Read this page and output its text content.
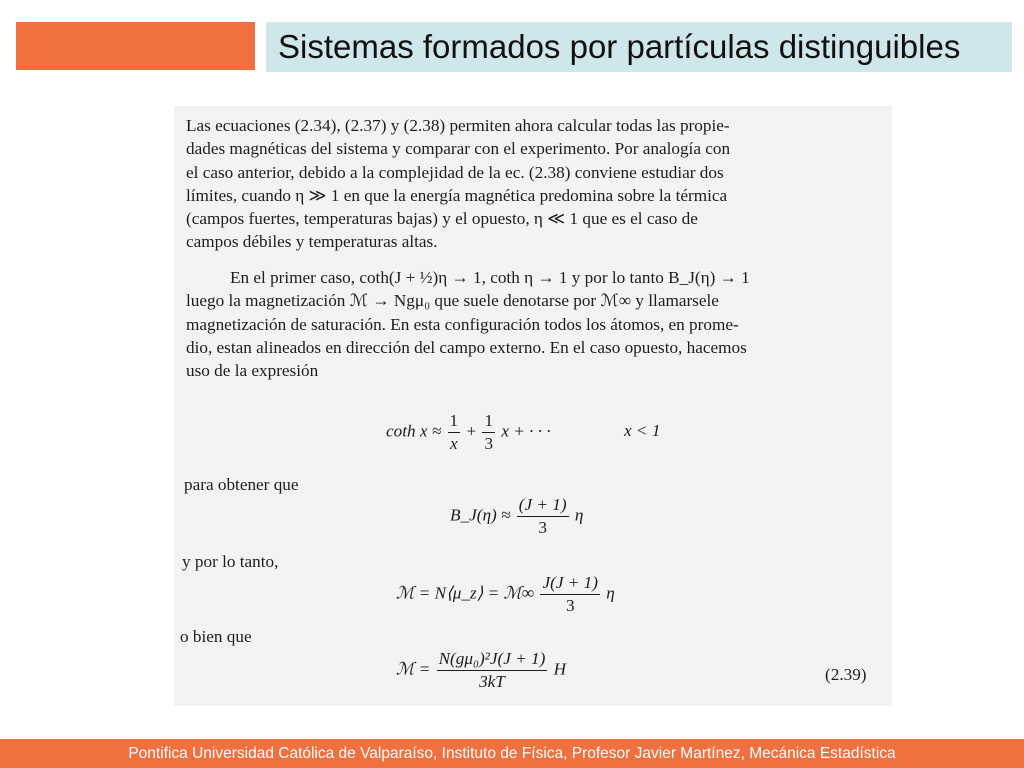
Sistemas formados por partículas distinguibles
Las ecuaciones (2.34), (2.37) y (2.38) permiten ahora calcular todas las propie-
dades magnéticas del sistema y comparar con el experimento. Por analogía con
el caso anterior, debido a la complejidad de la ec. (2.38) conviene estudiar dos
límites, cuando η ≫ 1 en que la energía magnética predomina sobre la térmica
(campos fuertes, temperaturas bajas) y el opuesto, η ≪ 1 que es el caso de
campos débiles y temperaturas altas.
En el primer caso, coth(J + ½)η → 1, coth η → 1 y por lo tanto B_J(η) → 1
luego la magnetización ℳ → Ngμ₀ que suele denotarse por ℳ∞ y llamarsele
magnetización de saturación. En esta configuración todos los átomos, en prome-
dio, estan alineados en dirección del campo externo. En el caso opuesto, hacemos
uso de la expresión
coth $x \approx \frac{1}{x} + \frac{1}{3}$ x + · · ·	x < 1
para obtener que
B_J(η) ≈ $\frac{(J + 1)}{3}$ η
y por lo tanto,
ℳ = N⟨μ_z⟩ = ℳ∞ $\frac{J(J + 1)}{3}$ η
o bien que
ℳ = $\frac{\text{N(gμ₀)²J(J + 1)}}{3kT}$ H	(2.39)
Pontifica Universidad Católica de Valparaíso, Instituto de Física, Profesor Javier Martínez, Mecánica Estadística
